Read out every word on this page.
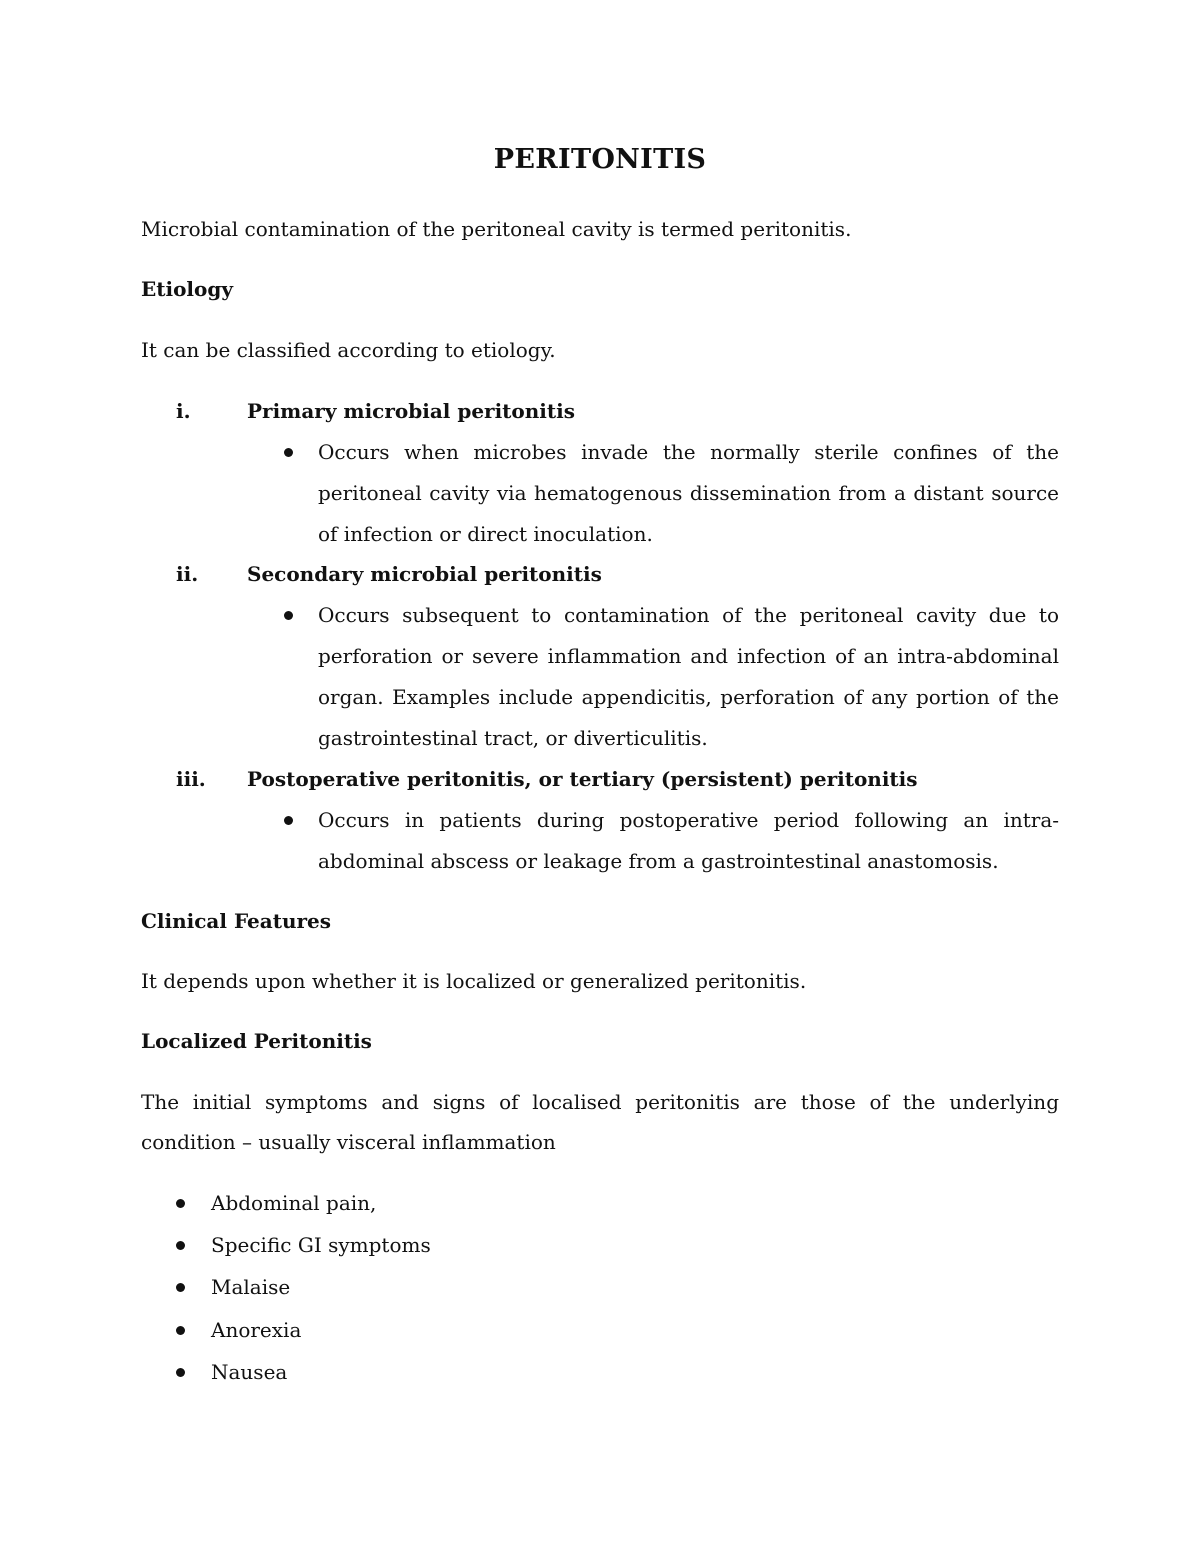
PERITONITIS
Microbial contamination of the peritoneal cavity is termed peritonitis.
Etiology
It can be classified according to etiology.
i.	Primary microbial peritonitis
Occurs when microbes invade the normally sterile confines of the peritoneal cavity via hematogenous dissemination from a distant source of infection or direct inoculation.
ii. Secondary microbial peritonitis
Occurs subsequent to contamination of the peritoneal cavity due to perforation or severe inflammation and infection of an intra-abdominal organ. Examples include appendicitis, perforation of any portion of the gastrointestinal tract, or diverticulitis.
iii. Postoperative peritonitis, or tertiary (persistent) peritonitis
Occurs in patients during postoperative period following an intra-abdominal abscess or leakage from a gastrointestinal anastomosis.
Clinical Features
It depends upon whether it is localized or generalized peritonitis.
Localized Peritonitis
The initial symptoms and signs of localised peritonitis are those of the underlying condition – usually visceral inflammation
Abdominal pain,
Specific GI symptoms
Malaise
Anorexia
Nausea
